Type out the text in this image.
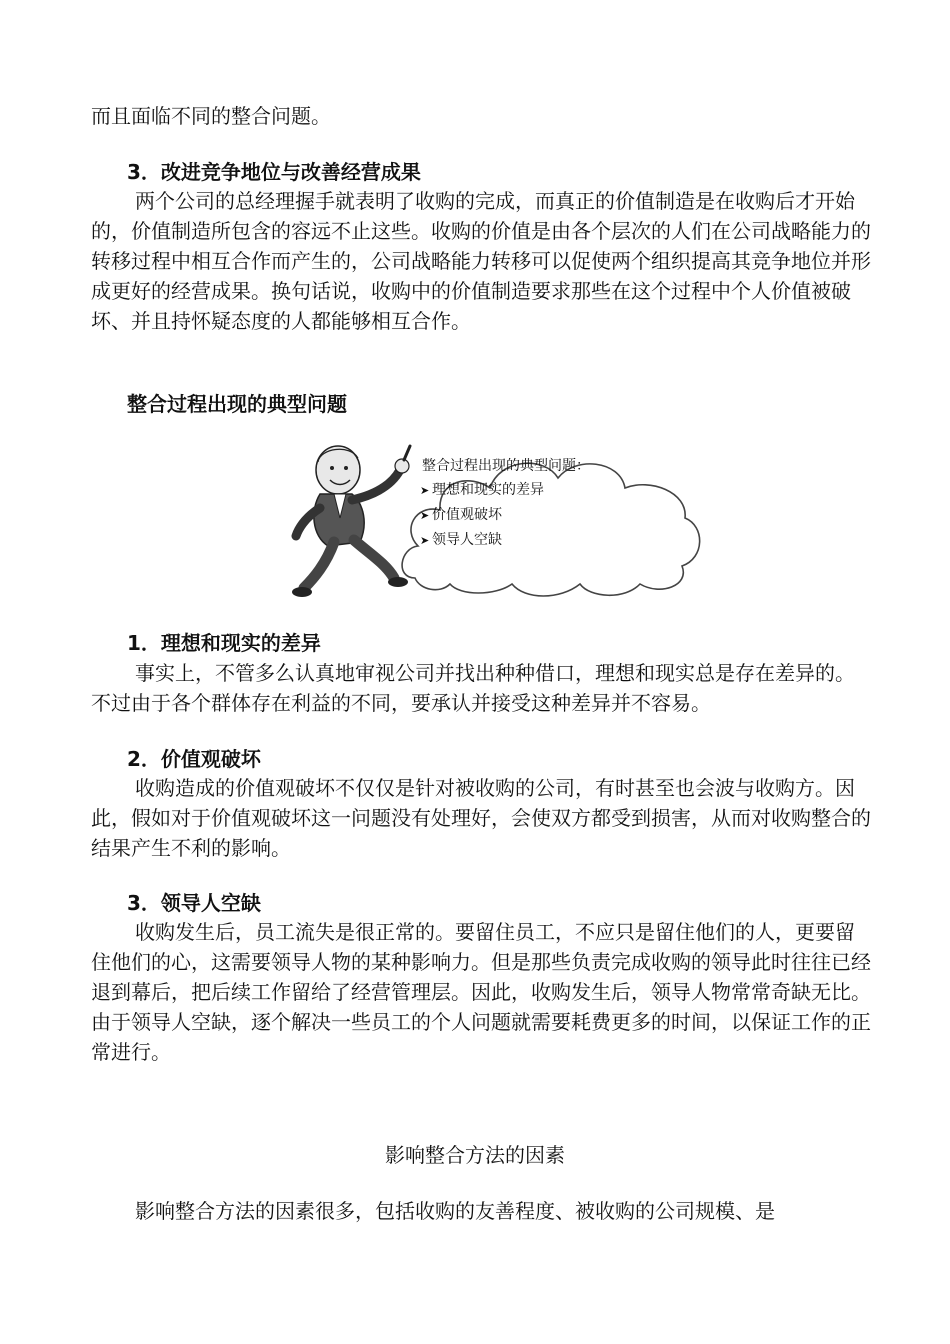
而且面临不同的整合问题。

3．改进竞争地位与改善经营成果

两个公司的总经理握手就表明了收购的完成，而真正的价值制造是在收购后才开始的，价值制造所包含的容远不止这些。收购的价值是由各个层次的人们在公司战略能力的转移过程中相互合作而产生的，公司战略能力转移可以促使两个组织提高其竞争地位并形成更好的经营成果。换句话说，收购中的价值制造要求那些在这个过程中个人价值被破坏、并且持怀疑态度的人都能够相互合作。

整合过程出现的典型问题

整合过程出现的典型问题：
➤ 理想和现实的差异
➤ 价值观破坏
➤ 领导人空缺

1．理想和现实的差异

事实上，不管多么认真地审视公司并找出种种借口，理想和现实总是存在差异的。不过由于各个群体存在利益的不同，要承认并接受这种差异并不容易。

2．价值观破坏

收购造成的价值观破坏不仅仅是针对被收购的公司，有时甚至也会波与收购方。因此，假如对于价值观破坏这一问题没有处理好，会使双方都受到损害，从而对收购整合的结果产生不利的影响。

3．领导人空缺

收购发生后，员工流失是很正常的。要留住员工，不应只是留住他们的人，更要留住他们的心，这需要领导人物的某种影响力。但是那些负责完成收购的领导此时往往已经退到幕后，把后续工作留给了经营管理层。因此，收购发生后，领导人物常常奇缺无比。由于领导人空缺，逐个解决一些员工的个人问题就需要耗费更多的时间，以保证工作的正常进行。

影响整合方法的因素

影响整合方法的因素很多，包括收购的友善程度、被收购的公司规模、是
